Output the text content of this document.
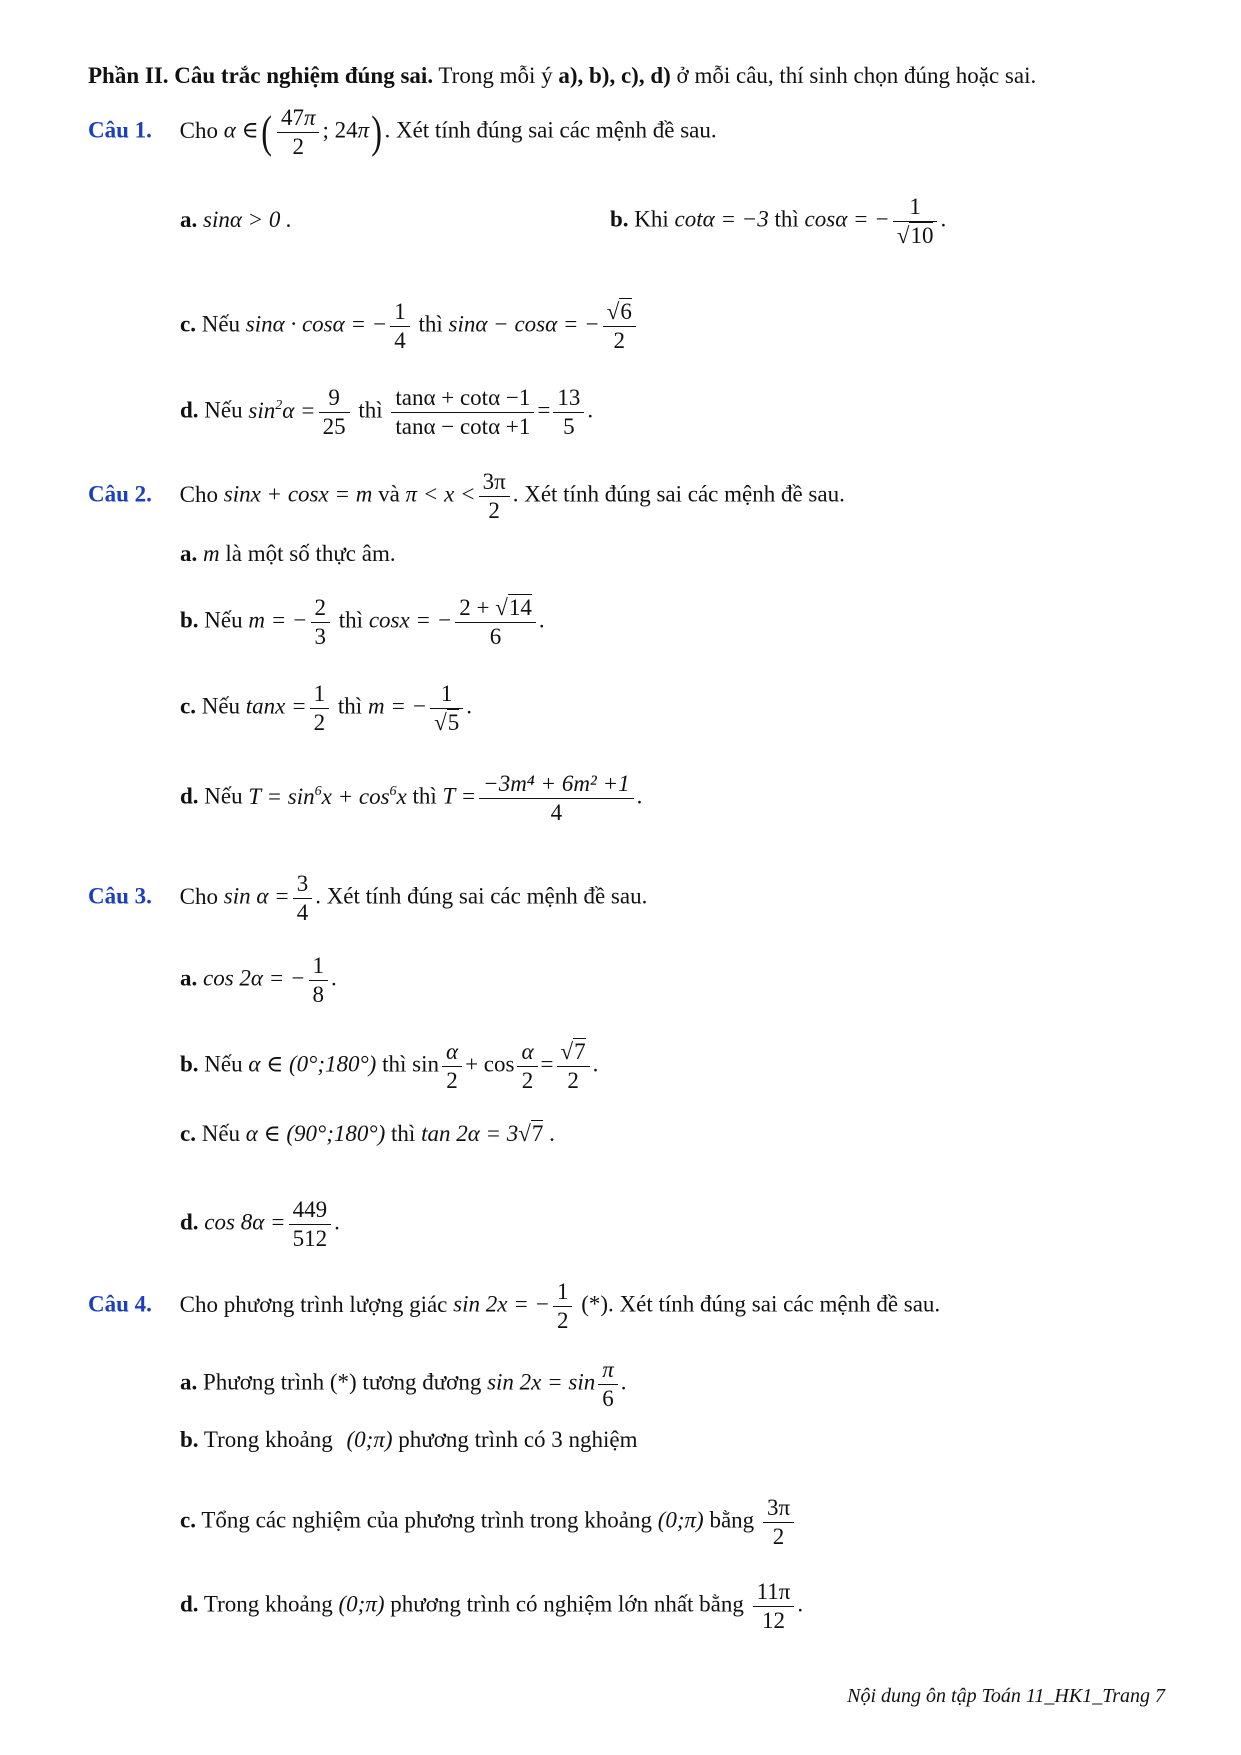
Phần II. Câu trắc nghiệm đúng sai. Trong mỗi ý a), b), c), d) ở mỗi câu, thí sinh chọn đúng hoặc sai.
Câu 1. Cho α ∈( $\frac{47\pi}{2}$ ; 24π). Xét tính đúng sai các mệnh đề sau.
a. sinα > 0 .	b. Khi cotα = −3 thì cosα = − $\frac{1}{√10}$ .
c. Nếu sinα · cosα = − $\frac{1}{4}$ thì sinα − cosα = − $\frac{√6}{2}$
d. Nếu $\sin^2\alpha = \frac{9}{25}$ thì $\frac{\tan\alpha + \cot\alpha -1}{\tan\alpha - \cot\alpha +1} = \frac{13}{5}$ .
Câu 2. Cho sinx + cosx = m và $\pi < x < \frac{3\pi}{2}$ . Xét tính đúng sai các mệnh đề sau.
a. m là một số thực âm.
b. Nếu m = − $\frac{2}{3}$ thì cosx = − $\frac{2 + √14}{6}$ .
c. Nếu $\tan x = \frac{1}{2}$ thì m = − $\frac{1}{√5}$ .
d. Nếu $T = \sin^6x + \cos^6x$ thì $T = \frac{\text{−3m⁴ + 6m² +1}}{4}$ .
Câu 3. Cho $\sin \alpha = \frac{3}{4}$ . Xét tính đúng sai các mệnh đề sau.
a. cos 2α = − $\frac{1}{8}$ .
b. Nếu α ∈ (0°;180°) thì $\sin \frac{\alpha}{2} + \cos \frac{\alpha}{2} = \frac{√7}{2}$ .
c. Nếu α ∈ (90°;180°) thì tan 2α = 3√7 .
d. $\cos 8\alpha = \frac{449}{512}$ .
Câu 4. Cho phương trình lượng giác sin 2x = − $\frac{1}{2}$ (*). Xét tính đúng sai các mệnh đề sau.
a. Phương trình (*) tương đương $\sin 2x = \sin \frac{\pi}{6}$ .
b. Trong khoảng (0;π) phương trình có 3 nghiệm
c. Tổng các nghiệm của phương trình trong khoảng (0;π) bằng $\frac{3\pi}{2}$
d. Trong khoảng (0;π) phương trình có nghiệm lớn nhất bằng $\frac{11\pi}{12}$ .
Nội dung ôn tập Toán 11_HK1_Trang 7
